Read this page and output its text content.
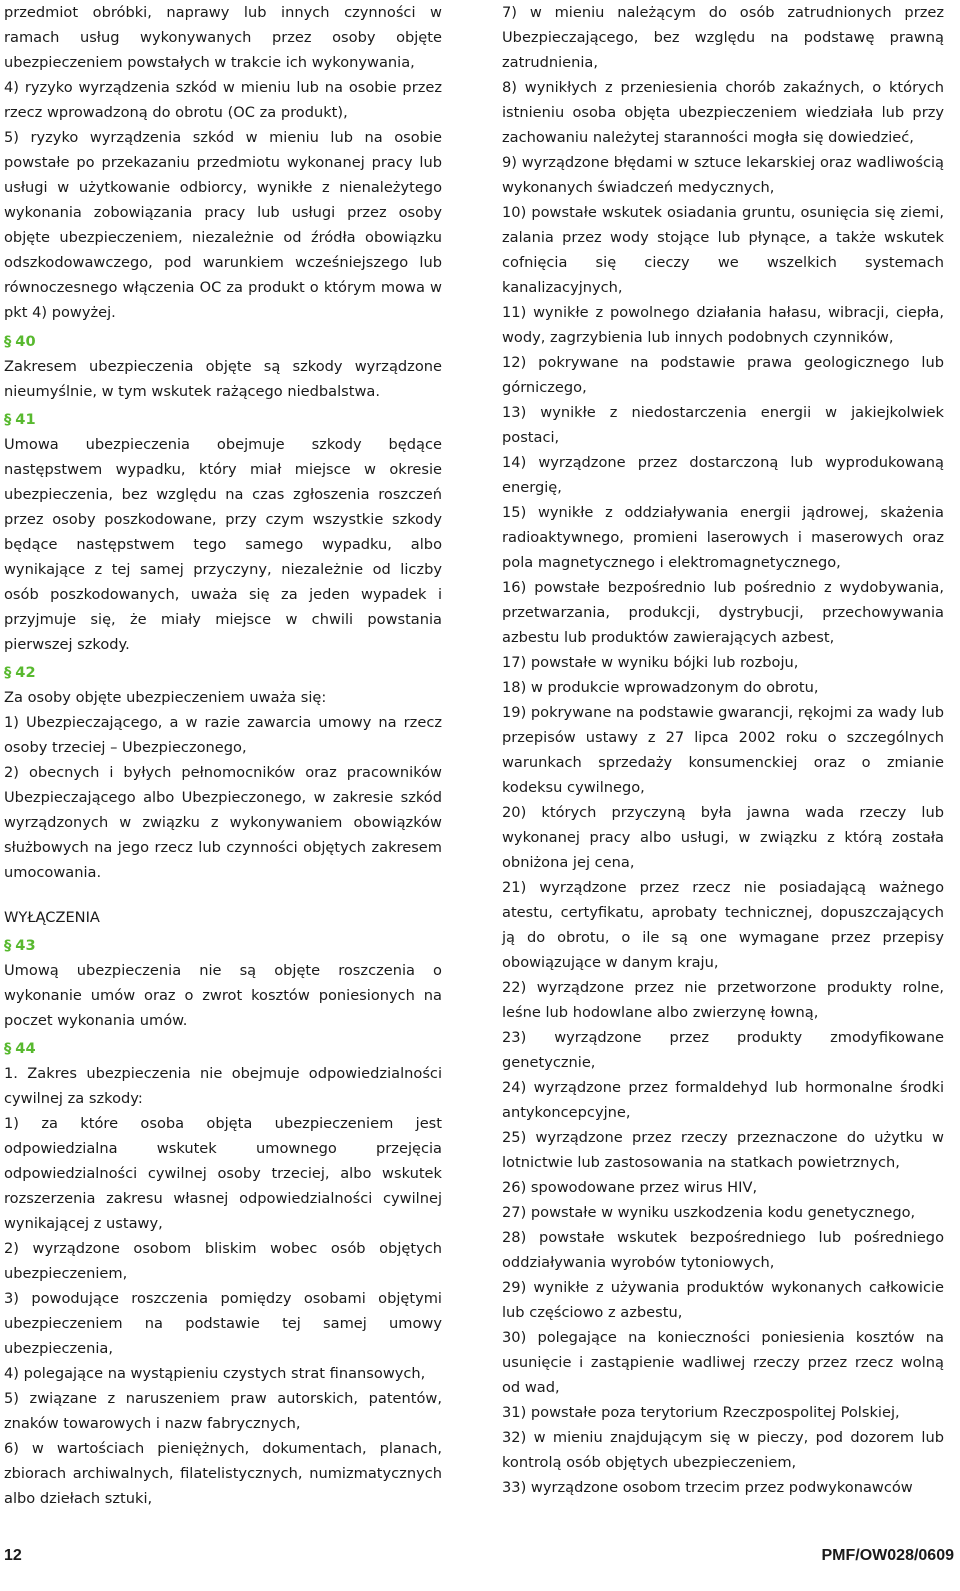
przedmiot obróbki, naprawy lub innych czynności w ramach usług wykonywanych przez osoby objęte ubezpieczeniem powstałych w trakcie ich wykonywania,

4) ryzyko wyrządzenia szkód w mieniu lub na osobie przez rzecz wprowadzoną do obrotu (OC za produkt),

5) ryzyko wyrządzenia szkód w mieniu lub na osobie powstałe po przekazaniu przedmiotu wykonanej pracy lub usługi w użytkowanie odbiorcy, wynikłe z nienależytego wykonania zobowiązania pracy lub usługi przez osoby objęte ubezpieczeniem, niezależnie od źródła obowiązku odszkodowawczego, pod warunkiem wcześniejszego lub równoczesnego włączenia OC za produkt o którym mowa w pkt 4) powyżej.

§ 40

Zakresem ubezpieczenia objęte są szkody wyrządzone nieumyślnie, w tym wskutek rażącego niedbalstwa.

§ 41

Umowa ubezpieczenia obejmuje szkody będące następstwem wypadku, który miał miejsce w okresie ubezpieczenia, bez względu na czas zgłoszenia roszczeń przez osoby poszkodowane, przy czym wszystkie szkody będące następstwem tego samego wypadku, albo wynikające z tej samej przyczyny, niezależnie od liczby osób poszkodowanych, uważa się za jeden wypadek i przyjmuje się, że miały miejsce w chwili powstania pierwszej szkody.

§ 42

Za osoby objęte ubezpieczeniem uważa się:

1) Ubezpieczającego, a w razie zawarcia umowy na rzecz osoby trzeciej – Ubezpieczonego,

2) obecnych i byłych pełnomocników oraz pracowników Ubezpieczającego albo Ubezpieczonego, w zakresie szkód wyrządzonych w związku z wykonywaniem obowiązków służbowych na jego rzecz lub czynności objętych zakresem umocowania.

WYŁĄCZENIA

§ 43

Umową ubezpieczenia nie są objęte roszczenia o wykonanie umów oraz o zwrot kosztów poniesionych na poczet wykonania umów.

§ 44

1. Zakres ubezpieczenia nie obejmuje odpowiedzialności cywilnej za szkody:

1) za które osoba objęta ubezpieczeniem jest odpowiedzialna wskutek umownego przejęcia odpowiedzialności cywilnej osoby trzeciej, albo wskutek rozszerzenia zakresu własnej odpowiedzialności cywilnej wynikającej z ustawy,

2) wyrządzone osobom bliskim wobec osób objętych ubezpieczeniem,

3) powodujące roszczenia pomiędzy osobami objętymi ubezpieczeniem na podstawie tej samej umowy ubezpieczenia,

4) polegające na wystąpieniu czystych strat finansowych,

5) związane z naruszeniem praw autorskich, patentów, znaków towarowych i nazw fabrycznych,

6) w wartościach pieniężnych, dokumentach, planach, zbiorach archiwalnych, filatelistycznych, numizmatycznych albo dziełach sztuki,

7) w mieniu należącym do osób zatrudnionych przez Ubezpieczającego, bez względu na podstawę prawną zatrudnienia,

8) wynikłych z przeniesienia chorób zakaźnych, o których istnieniu osoba objęta ubezpieczeniem wiedziała lub przy zachowaniu należytej staranności mogła się dowiedzieć,

9) wyrządzone błędami w sztuce lekarskiej oraz wadliwością wykonanych świadczeń medycznych,

10) powstałe wskutek osiadania gruntu, osunięcia się ziemi, zalania przez wody stojące lub płynące, a także wskutek cofnięcia się cieczy we wszelkich systemach kanalizacyjnych,

11) wynikłe z powolnego działania hałasu, wibracji, ciepła, wody, zagrzybienia lub innych podobnych czynników,

12) pokrywane na podstawie prawa geologicznego lub górniczego,

13) wynikłe z niedostarczenia energii w jakiejkolwiek postaci,

14) wyrządzone przez dostarczoną lub wyprodukowaną energię,

15) wynikłe z oddziaływania energii jądrowej, skażenia radioaktywnego, promieni laserowych i maserowych oraz pola magnetycznego i elektromagnetycznego,

16) powstałe bezpośrednio lub pośrednio z wydobywania, przetwarzania, produkcji, dystrybucji, przechowywania azbestu lub produktów zawierających azbest,

17) powstałe w wyniku bójki lub rozboju,

18) w produkcie wprowadzonym do obrotu,

19) pokrywane na podstawie gwarancji, rękojmi za wady lub przepisów ustawy z 27 lipca 2002 roku o szczególnych warunkach sprzedaży konsumenckiej oraz o zmianie kodeksu cywilnego,

20) których przyczyną była jawna wada rzeczy lub wykonanej pracy albo usługi, w związku z którą została obniżona jej cena,

21) wyrządzone przez rzecz nie posiadającą ważnego atestu, certyfikatu, aprobaty technicznej, dopuszczających ją do obrotu, o ile są one wymagane przez przepisy obowiązujące w danym kraju,

22) wyrządzone przez nie przetworzone produkty rolne, leśne lub hodowlane albo zwierzynę łowną,

23) wyrządzone przez produkty zmodyfikowane genetycznie,

24) wyrządzone przez formaldehyd lub hormonalne środki antykoncepcyjne,

25) wyrządzone przez rzeczy przeznaczone do użytku w lotnictwie lub zastosowania na statkach powietrznych,

26) spowodowane przez wirus HIV,

27) powstałe w wyniku uszkodzenia kodu genetycznego,

28) powstałe wskutek bezpośredniego lub pośredniego oddziaływania wyrobów tytoniowych,

29) wynikłe z używania produktów wykonanych całkowicie lub częściowo z azbestu,

30) polegające na konieczności poniesienia kosztów na usunięcie i zastąpienie wadliwej rzeczy przez rzecz wolną od wad,

31) powstałe poza terytorium Rzeczpospolitej Polskiej,

32) w mieniu znajdującym się w pieczy, pod dozorem lub kontrolą osób objętych ubezpieczeniem,

33) wyrządzone osobom trzecim przez podwykonawców

12	PMF/OW028/0609
